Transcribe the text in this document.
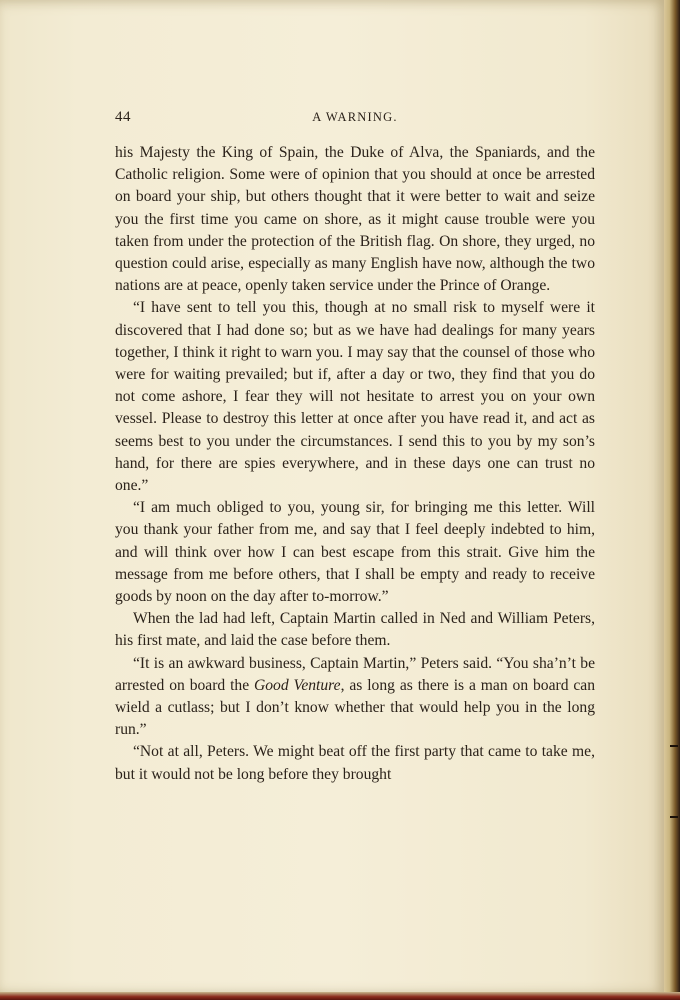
44	A WARNING.

his Majesty the King of Spain, the Duke of Alva, the Spaniards, and the Catholic religion. Some were of opinion that you should at once be arrested on board your ship, but others thought that it were better to wait and seize you the first time you came on shore, as it might cause trouble were you taken from under the protection of the British flag. On shore, they urged, no question could arise, especially as many English have now, although the two nations are at peace, openly taken service under the Prince of Orange.

“I have sent to tell you this, though at no small risk to myself were it discovered that I had done so; but as we have had dealings for many years together, I think it right to warn you. I may say that the counsel of those who were for waiting prevailed; but if, after a day or two, they find that you do not come ashore, I fear they will not hesitate to arrest you on your own vessel. Please to destroy this letter at once after you have read it, and act as seems best to you under the circumstances. I send this to you by my son’s hand, for there are spies everywhere, and in these days one can trust no one.”

“I am much obliged to you, young sir, for bringing me this letter. Will you thank your father from me, and say that I feel deeply indebted to him, and will think over how I can best escape from this strait. Give him the message from me before others, that I shall be empty and ready to receive goods by noon on the day after to-morrow.”

When the lad had left, Captain Martin called in Ned and William Peters, his first mate, and laid the case before them.

“It is an awkward business, Captain Martin,” Peters said. “You sha’n’t be arrested on board the Good Venture, as long as there is a man on board can wield a cutlass; but I don’t know whether that would help you in the long run.”

“Not at all, Peters. We might beat off the first party that came to take me, but it would not be long before they brought
